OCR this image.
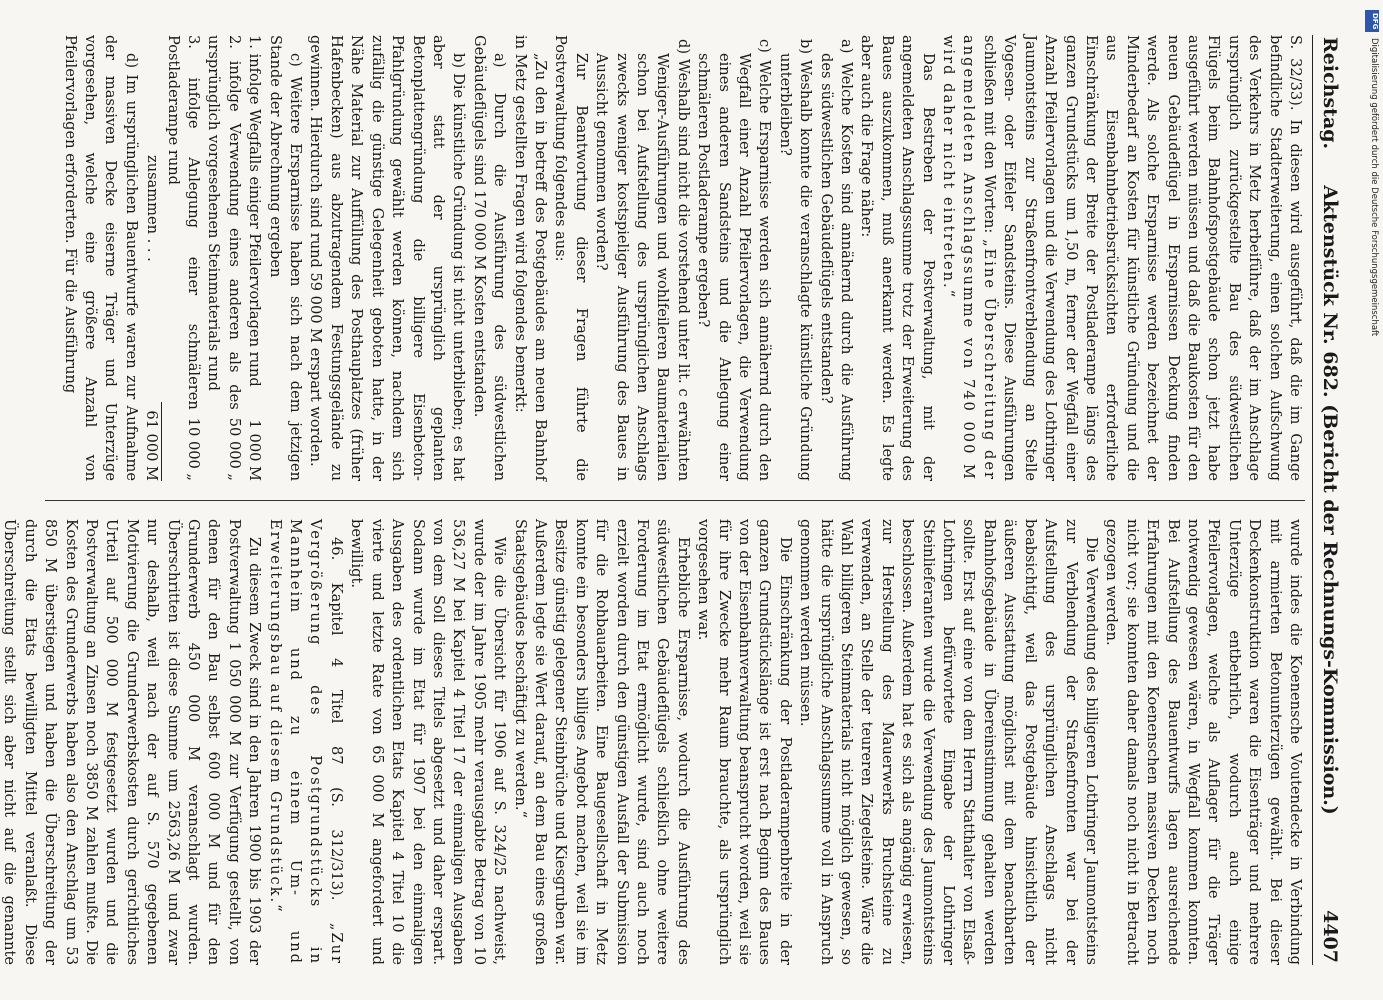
Reichstag.
Aktenstück Nr. 682. (Bericht der Rechnungs-Kommission.)
4407

S. 32/33). In diesen wird ausgeführt, daß die im Gange befindliche Stadterweiterung, einen solchen Aufschwung des Verkehrs in Metz herbeiführe, daß der im Anschlage ursprünglich zurückgestellte Bau des südwestlichen Flügels beim Bahnhofspostgebäude schon jetzt habe ausgeführt werden müssen und daß die Baukosten für den neuen Gebäudeflügel in Ersparnissen Deckung finden werde. Als solche Ersparnisse werden bezeichnet der Minderbedarf an Kosten für künstliche Gründung und die aus Eisenbahnbetriebsrücksichten erforderliche Einschränkung der Breite der Postladerampe längs des ganzen Grundstücks um 1,50 m, ferner der Wegfall einer Anzahl Pfeilervorlagen und die Verwendung des Lothringer Jaumontsteins zur Straßenfrontverblendung an Stelle Vogesen- oder Eifeler Sandsteins. Diese Ausführungen schließen mit den Worten: „Eine Überschreitung der angemeldeten Anschlagssumme von 740 000 M wird daher nicht eintreten.“

Das Bestreben der Postverwaltung, mit der angemeldeten Anschlagssumme trotz der Erweiterung des Baues auszukommen, muß anerkannt werden. Es legte aber auch die Frage näher:

a) Welche Kosten sind annähernd durch die Ausführung des südwestlichen Gebäudeflügels entstanden?

b) Weshalb konnte die veranschlagte künstliche Gründung unterbleiben?

c) Welche Ersparnisse werden sich annähernd durch den Wegfall einer Anzahl Pfeilervorlagen, die Verwendung eines anderen Sandsteins und die Anlegung einer schmäleren Postladerampe ergeben?

d) Weshalb sind nicht die vorstehend unter lit. c erwähnten Weniger-Ausführungen und wohlfeileren Baumaterialien schon bei Aufstellung des ursprünglichen Anschlags zwecks weniger kostspieliger Ausführung des Baues in Aussicht genommen worden?

Zur Beantwortung dieser Fragen führte die Postverwaltung folgendes aus:

„Zu den in betreff des Postgebäudes am neuen Bahnhof in Metz gestellten Fragen wird folgendes bemerkt:

a) Durch die Ausführung des südwestlichen Gebäudeflügels sind 170 000 M Kosten entstanden.

b) Die künstliche Gründung ist nicht unterblieben; es hat aber statt der ursprünglich geplanten Betonplattengründung die billigere Eisenbeton-Pfahlgründung gewählt werden können, nachdem sich zufällig die günstige Gelegenheit geboten hatte, in der Nähe Material zur Auffüllung des Posthauplatzes (früher Hafenbecken) aus abzutragendem Festungsgelände zu gewinnen. Hierdurch sind rund 59 000 M erspart worden.

c) Weitere Ersparnisse haben sich nach dem jetzigen Stande der Abrechnung ergeben

1. infolge Wegfalls einiger Pfeilervorlagen rund
1 000 M
2. infolge Verwendung eines anderen als des ursprünglich vorgesehenen Steinmaterials rund
50 000 „
3. infolge Anlegung einer schmäleren Postladerampe rund
10 000 „
zusammen . . .
61 000 M

d) Im ursprünglichen Bauentwurfe waren zur Aufnahme der massiven Decke eiserne Träger und Unterzüge vorgesehen, welche eine größere Anzahl von Pfeilervorlagen erforderten. Für die Ausführung

wurde indes die Koenensche Voutendecke in Verbindung mit armierten Betonunterzügen gewählt. Bei dieser Deckenkonstruktion waren die Eisenträger und mehrere Unterzüge entbehrlich, wodurch auch einige Pfeilervorlagen, welche als Auflager für die Träger notwendig gewesen wären, in Wegfall kommen konnten. Bei Aufstellung des Bauentwurfs lagen ausreichende Erfahrungen mit den Koenenschen massiven Decken noch nicht vor; sie konnten daher damals noch nicht in Betracht gezogen werden.

Die Verwendung des billigeren Lothringer Jaumontsteins zur Verblendung der Straßenfronten war bei der Aufstellung des ursprünglichen Anschlags nicht beabsichtigt, weil das Postgebäude hinsichtlich der äußeren Ausstattung möglichst mit dem benachbarten Bahnhofsgebäude in Übereinstimmung gehalten werden sollte. Erst auf eine von dem Herrn Statthalter von Elsaß-Lothringen befürwortete Eingabe der Lothringer Steinlieferanten wurde die Verwendung des Jaumontsteins beschlossen. Außerdem hat es sich als angängig erwiesen, zur Herstellung des Mauerwerks Bruchsteine zu verwenden, an Stelle der teureren Ziegelsteine. Wäre die Wahl billigeren Steinmaterials nicht möglich gewesen, so hätte die ursprüngliche Anschlagssumme voll in Anspruch genommen werden müssen.

Die Einschränkung der Postladerampenbreite in der ganzen Grundstückslänge ist erst nach Beginn des Baues von der Eisenbahnverwaltung beansprucht worden, weil sie für ihre Zwecke mehr Raum brauchte, als ursprünglich vorgesehen war.

Erhebliche Ersparnisse, wodurch die Ausführung des südwestlichen Gebäudeflügels schließlich ohne weitere Forderung im Etat ermöglicht wurde, sind auch noch erzielt worden durch den günstigen Ausfall der Submission für die Rohbauarbeiten. Eine Baugesellschaft in Metz konnte ein besonders billiges Angebot machen, weil sie im Besitze günstig gelegener Steinbrüche und Kiesgruben war. Außerdem legte sie Wert darauf, an dem Bau eines großen Staatsgebäudes beschäftigt zu werden.“

Wie die Übersicht für 1906 auf S. 324/25 nachweist, wurde der im Jahre 1905 mehr verausgabte Betrag von 10 536,27 M bei Kapitel 4 Titel 17 der einmaligen Ausgaben von dem Soll dieses Titels abgesetzt und daher erspart. Sodann wurde im Etat für 1907 bei den einmaligen Ausgaben des ordentlichen Etats Kapitel 4 Titel 10 die vierte und letzte Rate von 65 000 M angefordert und bewilligt.

46. Kapitel 4 Titel 87 (S. 312/313). „Zur Vergrößerung des Postgrundstücks in Mannheim und zu einem Um- und Erweiterungsbau auf diesem Grundstück.“

Zu diesem Zweck sind in den Jahren 1900 bis 1903 der Postverwaltung 1 050 000 M zur Verfügung gestellt, von denen für den Bau selbst 600 000 M und für den Grunderwerb 450 000 M veranschlagt wurden. Überschritten ist diese Summe um 2563,26 M und zwar nur deshalb, weil nach der auf S. 570 gegebenen Motivierung die Grunderwerbskosten durch gerichtliches Urteil auf 500 000 M festgesetzt wurden und die Postverwaltung an Zinsen noch 3850 M zahlen mußte. Die Kosten des Grunderwerbs haben also den Anschlag um 53 850 M überstiegen und haben die Überschreitung der durch die Etats bewilligten Mittel veranlaßt. Diese Überschreitung stellt sich aber nicht auf die genannte

DFG
Digitalisierung gefördert durch die Deutsche Forschungsgemeinschaft
